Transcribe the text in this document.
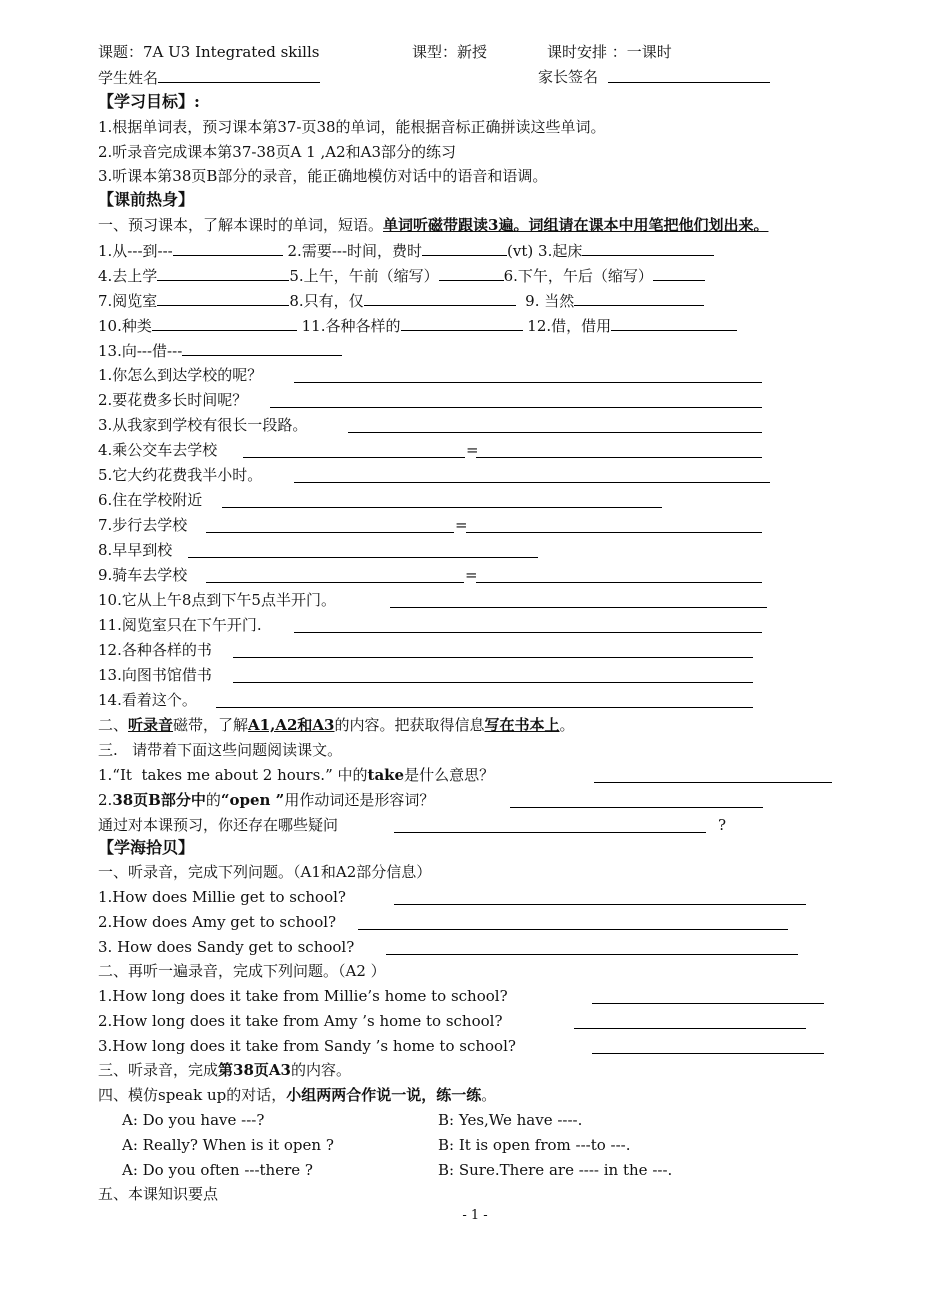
课题：7A U3 Integrated skills	课型：新授	课时安排 ：一课时
学生姓名	家长签名
【学习目标】:
1.根据单词表，预习课本第37-页38的单词，能根据音标正确拼读这些单词。
2.听录音完成课本第37-38页A 1 ,A2和A3部分的练习
3.听课本第38页B部分的录音，能正确地模仿对话中的语音和语调。
【课前热身】
一、预习课本，了解本课时的单词，短语。单词听磁带跟读3遍。词组请在课本中用笔把他们划出来。
1.从---到---	2.需要---时间，费时	(vt) 3.起床
4.去上学	5.上午，午前（缩写）	6.下午，午后（缩写）
7.阅览室	8.只有，仅	9. 当然
10.种类	11.各种各样的	12.借，借用
13.向---借---
1.你怎么到达学校的呢？
2.要花费多长时间呢？
3.从我家到学校有很长一段路。
4.乘公交车去学校	=
5.它大约花费我半小时。
6.住在学校附近
7.步行去学校	=
8.早早到校
9.骑车去学校	=
10.它从上午8点到下午5点半开门。
11.阅览室只在下午开门.
12.各种各样的书
13.向图书馆借书
14.看着这个。
二、听录音磁带，了解A1,A2和A3的内容。把获取得信息写在书本上。
三.   请带着下面这些问题阅读课文。
1.“It  takes me about 2 hours.” 中的take是什么意思？
2.38页B部分中的“open ”用作动词还是形容词？
通过对本课预习，你还存在哪些疑问	?
【学海拾贝】
一、听录音，完成下列问题。（A1和A2部分信息）
1.How does Millie get to school?
2.How does Amy get to school?
3. How does Sandy get to school?
二、再听一遍录音，完成下列问题。（A2 ）
1.How long does it take from Millie’s home to school?
2.How long does it take from Amy ’s home to school?
3.How long does it take from Sandy ’s home to school?
三、听录音，完成第38页A3的内容。
四、模仿speak up的对话，小组两两合作说一说，练一练。
A: Do you have ---?	B: Yes,We have ----.
A: Really? When is it open ?	B: It is open from ---to ---.
A: Do you often ---there ?	B: Sure.There are ---- in the ---.
五、本课知识要点
- 1 -
